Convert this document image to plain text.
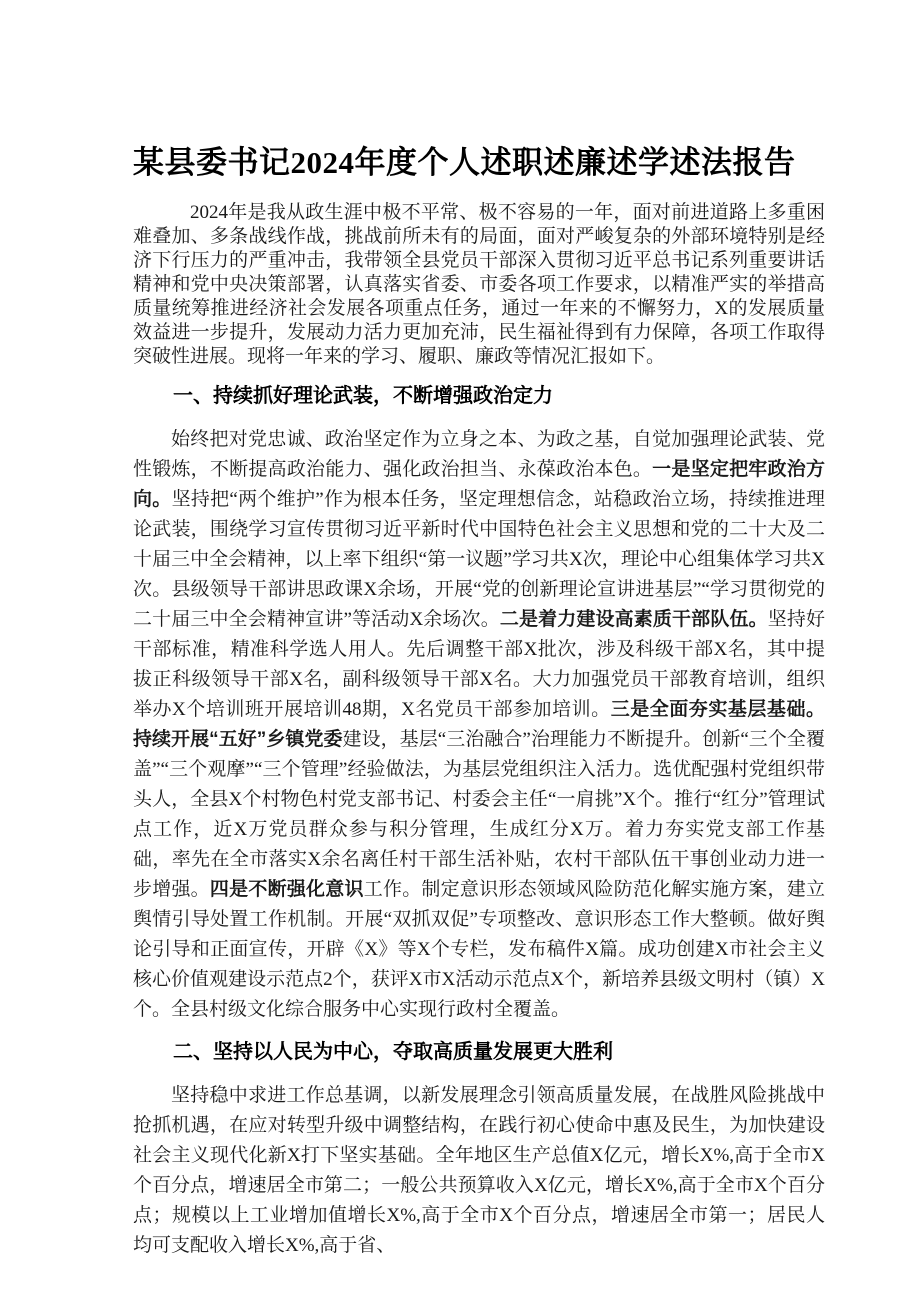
某县委书记2024年度个人述职述廉述学述法报告

2024年是我从政生涯中极不平常、极不容易的一年，面对前进道路上多重困难叠加、多条战线作战，挑战前所未有的局面，面对严峻复杂的外部环境特别是经济下行压力的严重冲击，我带领全县党员干部深入贯彻习近平总书记系列重要讲话精神和党中央决策部署，认真落实省委、市委各项工作要求，以精准严实的举措高质量统筹推进经济社会发展各项重点任务，通过一年来的不懈努力，X的发展质量效益进一步提升，发展动力活力更加充沛，民生福祉得到有力保障，各项工作取得突破性进展。现将一年来的学习、履职、廉政等情况汇报如下。

一、持续抓好理论武装，不断增强政治定力

始终把对党忠诚、政治坚定作为立身之本、为政之基，自觉加强理论武装、党性锻炼，不断提高政治能力、强化政治担当、永葆政治本色。一是坚定把牢政治方向。坚持把“两个维护”作为根本任务，坚定理想信念，站稳政治立场，持续推进理论武装，围绕学习宣传贯彻习近平新时代中国特色社会主义思想和党的二十大及二十届三中全会精神，以上率下组织“第一议题”学习共X次，理论中心组集体学习共X次。县级领导干部讲思政课X余场，开展“党的创新理论宣讲进基层”“学习贯彻党的二十届三中全会精神宣讲”等活动X余场次。二是着力建设高素质干部队伍。坚持好干部标准，精准科学选人用人。先后调整干部X批次，涉及科级干部X名，其中提拔正科级领导干部X名，副科级领导干部X名。大力加强党员干部教育培训，组织举办X个培训班开展培训48期，X名党员干部参加培训。三是全面夯实基层基础。持续开展“五好”乡镇党委建设，基层“三治融合”治理能力不断提升。创新“三个全覆盖”“三个观摩”“三个管理”经验做法，为基层党组织注入活力。选优配强村党组织带头人，全县X个村物色村党支部书记、村委会主任“一肩挑”X个。推行“红分”管理试点工作，近X万党员群众参与积分管理，生成红分X万。着力夯实党支部工作基础，率先在全市落实X余名离任村干部生活补贴，农村干部队伍干事创业动力进一步增强。四是不断强化意识工作。制定意识形态领域风险防范化解实施方案，建立舆情引导处置工作机制。开展“双抓双促”专项整改、意识形态工作大整顿。做好舆论引导和正面宣传，开辟《X》等X个专栏，发布稿件X篇。成功创建X市社会主义核心价值观建设示范点2个，获评X市X活动示范点X个，新培养县级文明村（镇）X个。全县村级文化综合服务中心实现行政村全覆盖。

二、坚持以人民为中心，夺取高质量发展更大胜利

坚持稳中求进工作总基调，以新发展理念引领高质量发展，在战胜风险挑战中抢抓机遇，在应对转型升级中调整结构，在践行初心使命中惠及民生，为加快建设社会主义现代化新X打下坚实基础。全年地区生产总值X亿元，增长X%,高于全市X个百分点，增速居全市第二；一般公共预算收入X亿元，增长X%,高于全市X个百分点；规模以上工业增加值增长X%,高于全市X个百分点，增速居全市第一；居民人均可支配收入增长X%,高于省、
